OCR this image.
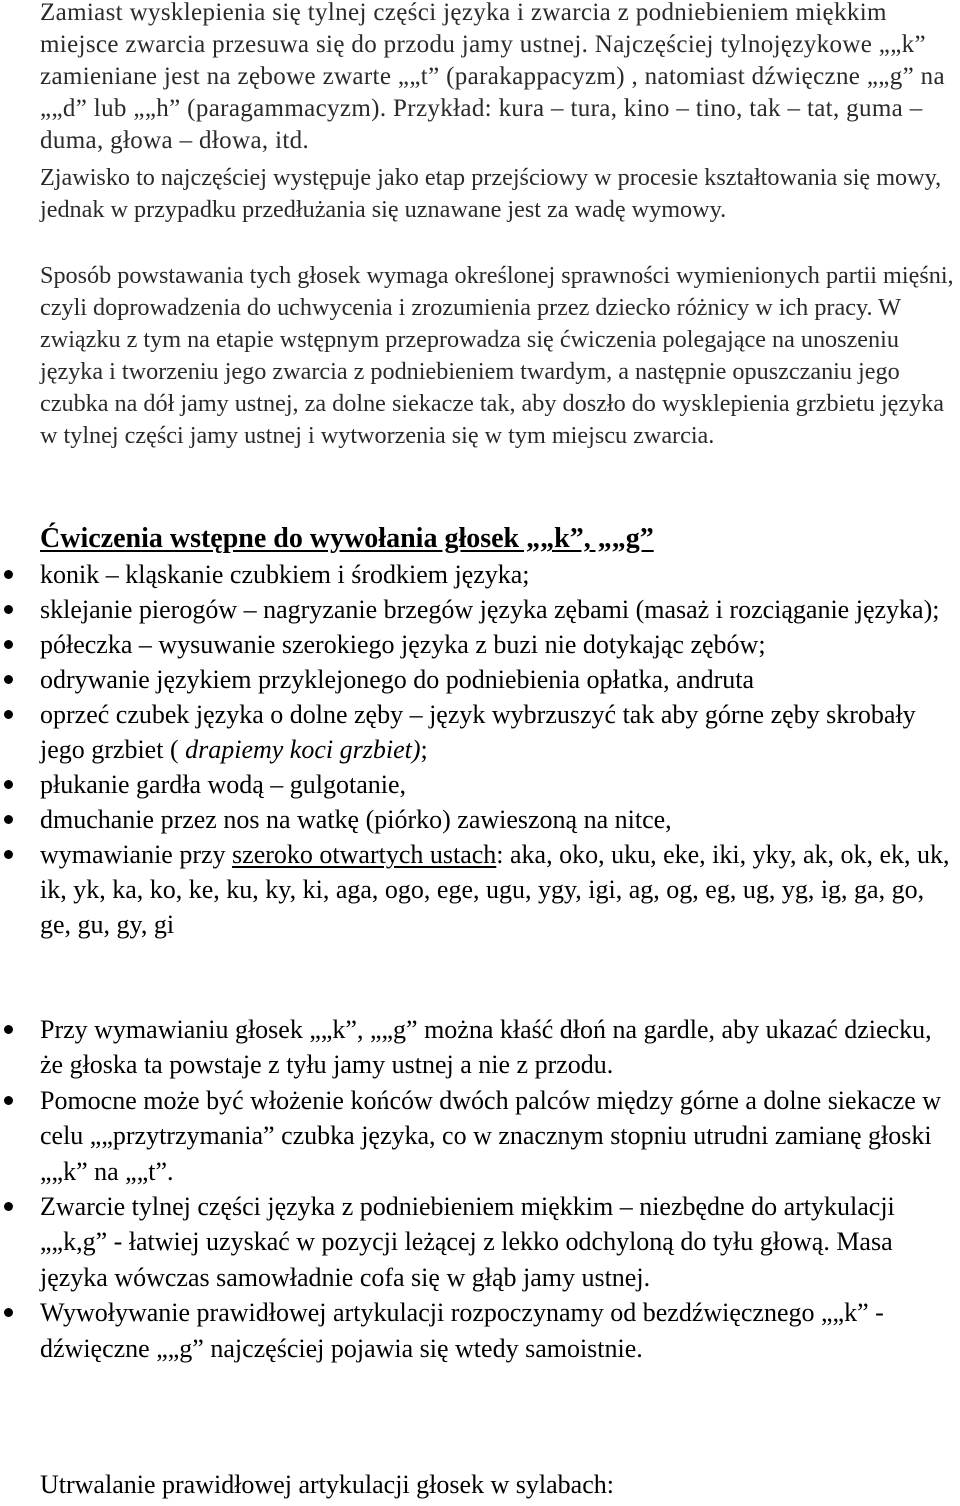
Zamiast wysklepienia się tylnej części języka i zwarcia z podniebieniem miękkim miejsce zwarcia przesuwa się do przodu jamy ustnej. Najczęściej tylnojęzykowe „„k” zamieniane jest na zębowe zwarte „„t” (parakappacyzm) , natomiast dźwięczne „„g” na „„d” lub „„h” (paragammacyzm). Przykład: kura – tura, kino – tino, tak – tat, guma – duma, głowa – dłowa, itd.

Zjawisko to najczęściej występuje jako etap przejściowy w procesie kształtowania się mowy, jednak w przypadku przedłużania się uznawane jest za wadę wymowy.

Sposób powstawania tych głosek wymaga określonej sprawności wymienionych partii mięśni, czyli doprowadzenia do uchwycenia i zrozumienia przez dziecko różnicy w ich pracy. W związku z tym na etapie wstępnym przeprowadza się ćwiczenia polegające na unoszeniu języka i tworzeniu jego zwarcia z podniebieniem twardym, a następnie opuszczaniu jego czubka na dół jamy ustnej, za dolne siekacze tak, aby doszło do wysklepienia grzbietu języka w tylnej części jamy ustnej i wytworzenia się w tym miejscu zwarcia.

Ćwiczenia wstępne do wywołania głosek „„k”, „„g”
konik – kląskanie czubkiem i środkiem języka;
sklejanie pierogów – nagryzanie brzegów języka zębami (masaż i rozciąganie języka);
półeczka – wysuwanie szerokiego języka z buzi nie dotykając zębów;
odrywanie językiem przyklejonego do podniebienia opłatka, andruta
oprzeć czubek języka o dolne zęby – język wybrzuszyć tak aby górne zęby skrobały jego grzbiet ( drapiemy koci grzbiet);
płukanie gardła wodą – gulgotanie,
dmuchanie przez nos na watkę (piórko) zawieszoną na nitce,
wymawianie przy szeroko otwartych ustach: aka, oko, uku, eke, iki, yky, ak, ok, ek, uk, ik, yk, ka, ko, ke, ku, ky, ki, aga, ogo, ege, ugu, ygy, igi, ag, og, eg, ug, yg, ig, ga, go, ge, gu, gy, gi
Przy wymawianiu głosek „„k”, „„g” można kłaść dłoń na gardle, aby ukazać dziecku, że głoska ta powstaje z tyłu jamy ustnej a nie z przodu.
Pomocne może być włożenie końców dwóch palców między górne a dolne siekacze w celu „„przytrzymania” czubka języka, co w znacznym stopniu utrudni zamianę głoski „„k” na „„t”.
Zwarcie tylnej części języka z podniebieniem miękkim – niezbędne do artykulacji „„k,g” - łatwiej uzyskać w pozycji leżącej z lekko odchyloną do tyłu głową. Masa języka wówczas samowładnie cofa się w głąb jamy ustnej.
Wywoływanie prawidłowej artykulacji rozpoczynamy od bezdźwięcznego „„k” - dźwięczne „„g” najczęściej pojawia się wtedy samoistnie.

Utrwalanie prawidłowej artykulacji głosek w sylabach:
